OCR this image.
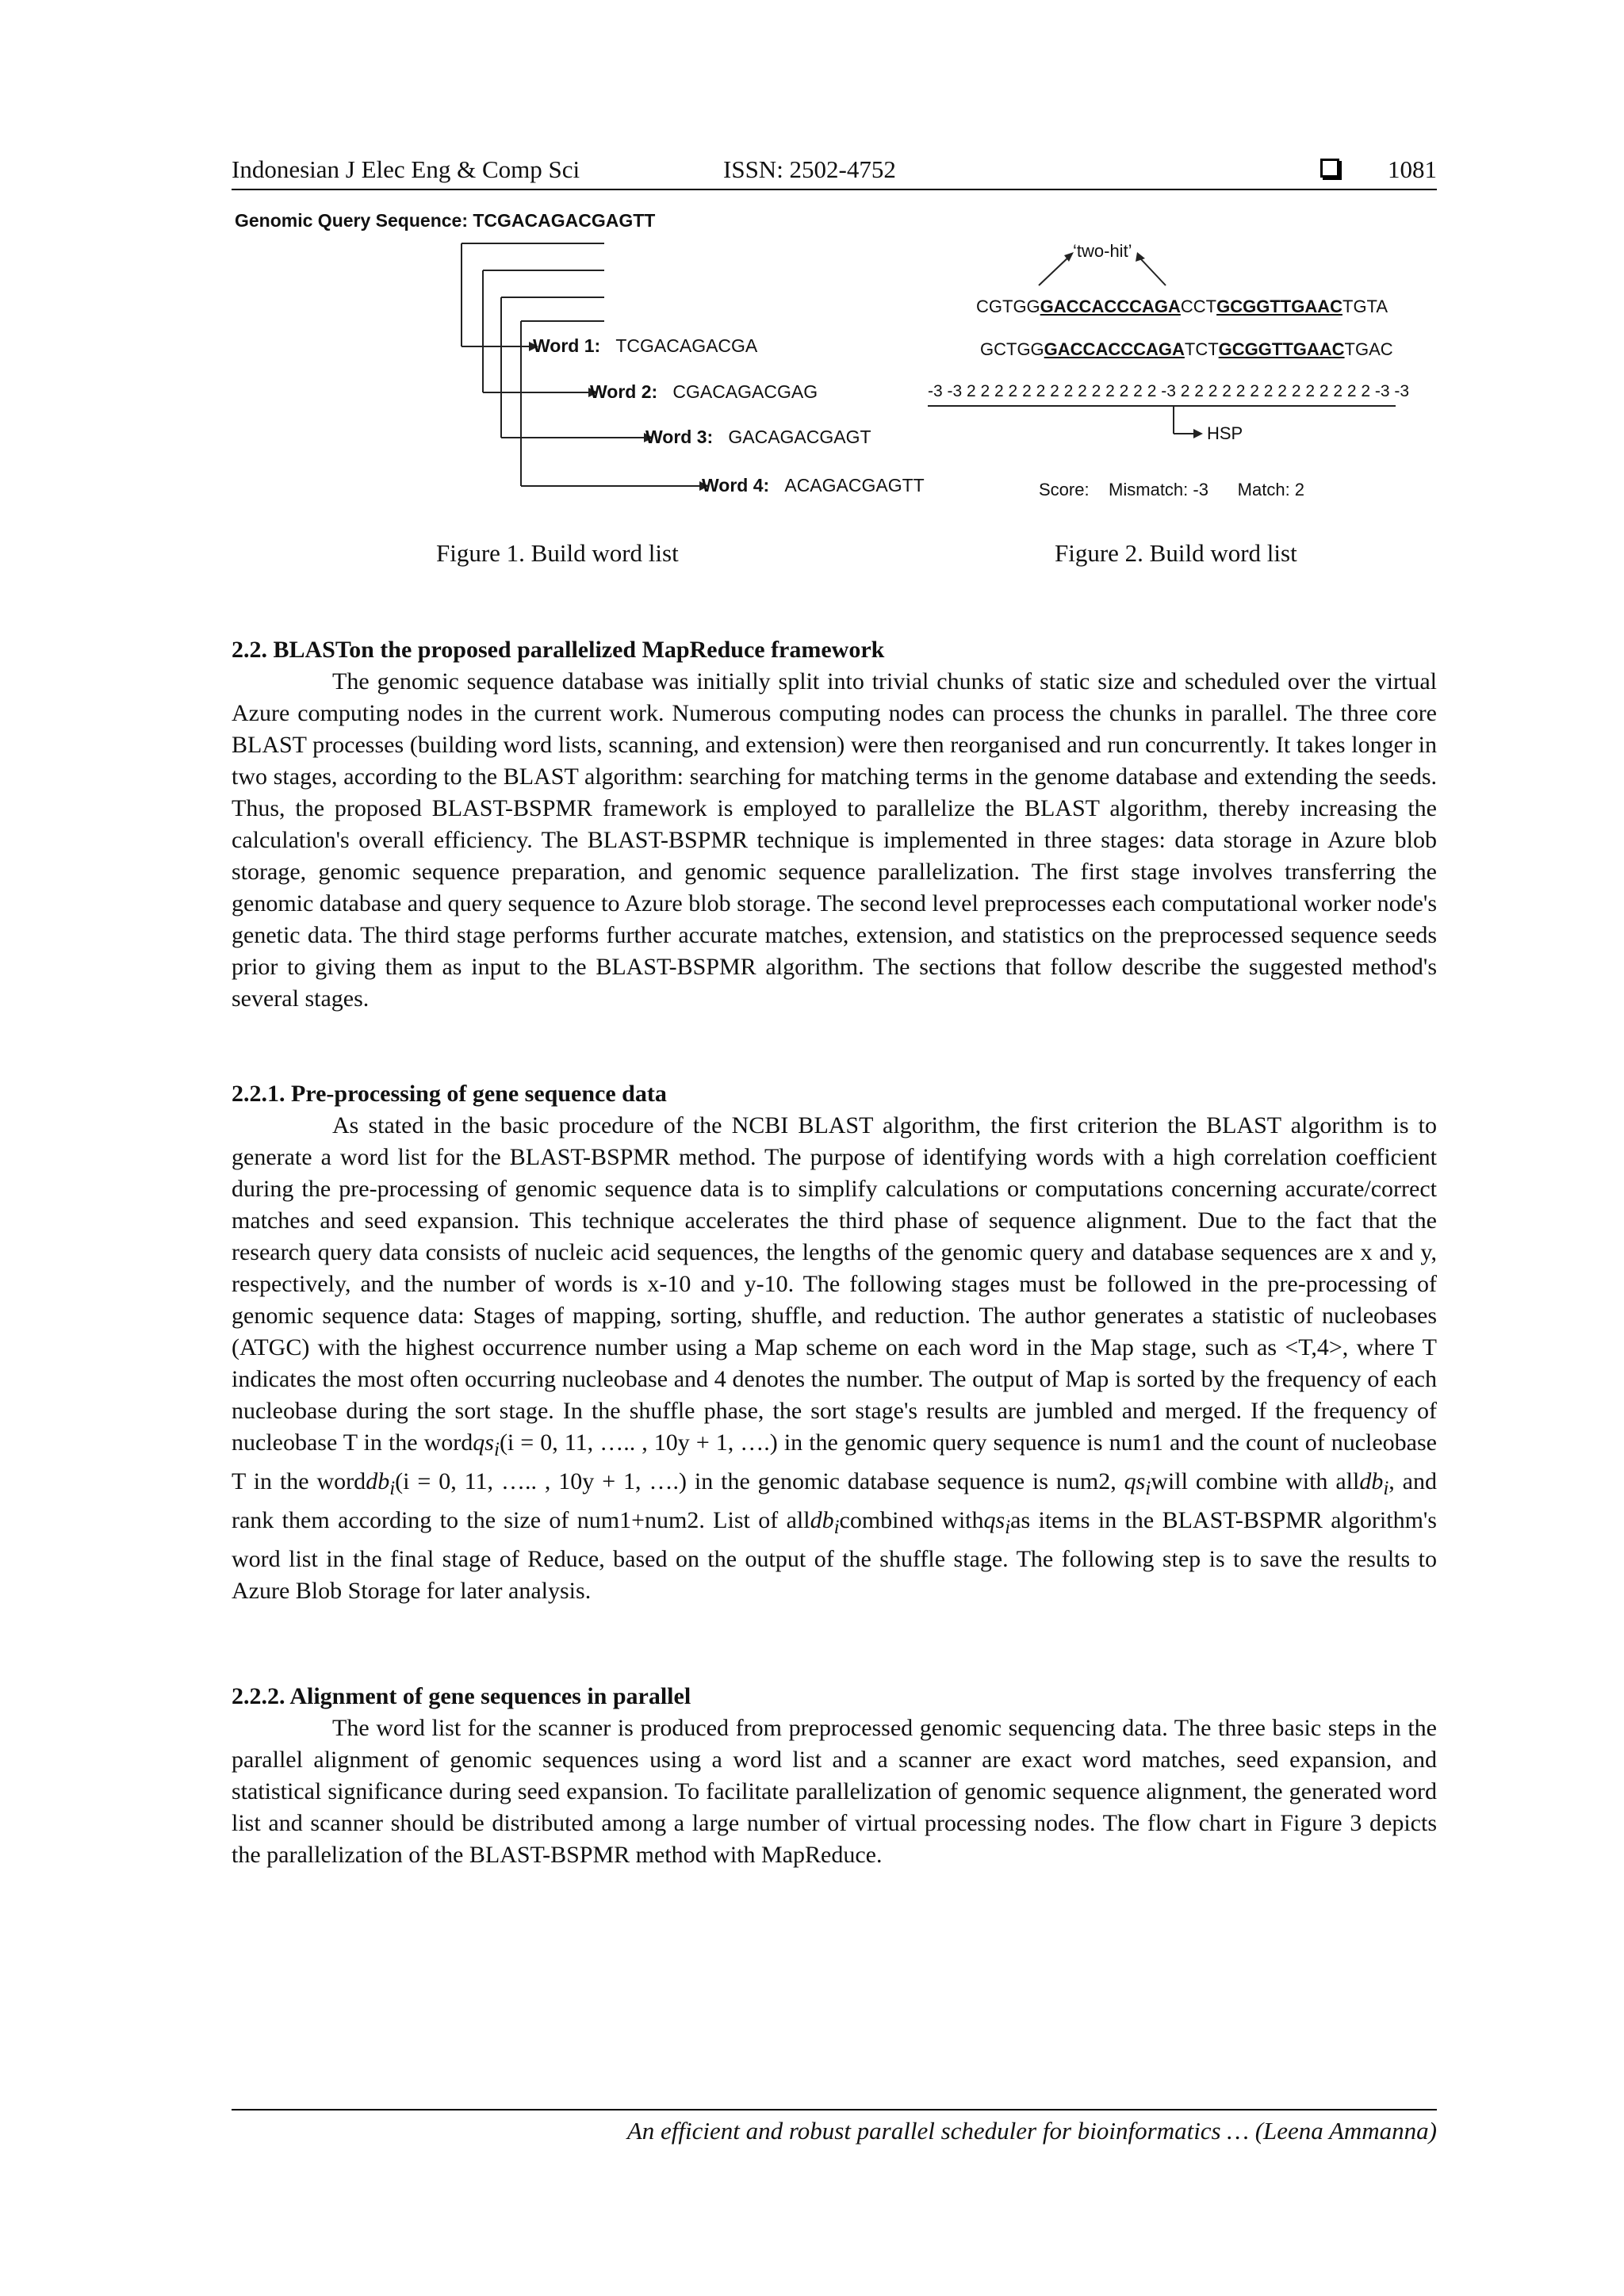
Indonesian J Elec Eng & Comp Sci	ISSN: 2502-4752	1081
Genomic Query Sequence: TCGACAGACGAGTT
Word 1: TCGACAGACGA
Word 2: CGACAGACGAG
Word 3: GACAGACGAGT
Word 4: ACAGACGAGTT
‘two-hit’
CGTGGGACCACCCAGACCTGCGGTTGAACTGTA
GCTGGGACCACCCAGATCTGCGGTTGAACTGAC
-3 -3 2 2 2 2 2 2 2 2 2 2 2 2 2 2 -3 2 2 2 2 2 2 2 2 2 2 2 2 2 2 -3 -3
HSP
Score: Mismatch: -3 Match: 2
Figure 1. Build word list	Figure 2. Build word list
2.2. BLASTon the proposed parallelized MapReduce framework

The genomic sequence database was initially split into trivial chunks of static size and scheduled over the virtual Azure computing nodes in the current work. Numerous computing nodes can process the chunks in parallel. The three core BLAST processes (building word lists, scanning, and extension) were then reorganised and run concurrently. It takes longer in two stages, according to the BLAST algorithm: searching for matching terms in the genome database and extending the seeds. Thus, the proposed BLAST-BSPMR framework is employed to parallelize the BLAST algorithm, thereby increasing the calculation's overall efficiency. The BLAST-BSPMR technique is implemented in three stages: data storage in Azure blob storage, genomic sequence preparation, and genomic sequence parallelization. The first stage involves transferring the genomic database and query sequence to Azure blob storage. The second level preprocesses each computational worker node's genetic data. The third stage performs further accurate matches, extension, and statistics on the preprocessed sequence seeds prior to giving them as input to the BLAST-BSPMR algorithm. The sections that follow describe the suggested method's several stages.

2.2.1. Pre-processing of gene sequence data

As stated in the basic procedure of the NCBI BLAST algorithm, the first criterion the BLAST algorithm is to generate a word list for the BLAST-BSPMR method. The purpose of identifying words with a high correlation coefficient during the pre-processing of genomic sequence data is to simplify calculations or computations concerning accurate/correct matches and seed expansion. This technique accelerates the third phase of sequence alignment. Due to the fact that the research query data consists of nucleic acid sequences, the lengths of the genomic query and database sequences are x and y, respectively, and the number of words is x-10 and y-10. The following stages must be followed in the pre-processing of genomic sequence data: Stages of mapping, sorting, shuffle, and reduction. The author generates a statistic of nucleobases (ATGC) with the highest occurrence number using a Map scheme on each word in the Map stage, such as <T,4>, where T indicates the most often occurring nucleobase and 4 denotes the number. The output of Map is sorted by the frequency of each nucleobase during the sort stage. In the shuffle phase, the sort stage's results are jumbled and merged. If the frequency of nucleobase T in the wordqs$_i$(i = 0, 11, ….. , 10y + 1, ….) in the genomic query sequence is num1 and the count of nucleobase T in the worddb$_i$(i = 0, 11, ….. , 10y + 1, ….) in the genomic database sequence is num2, $qs_iwill$ combine with alldb$_i$, and rank them according to the size of num1+num2. List of alldb$_i$combined withqs$_i$as items in the BLAST-BSPMR algorithm's word list in the final stage of Reduce, based on the output of the shuffle stage. The following step is to save the results to Azure Blob Storage for later analysis.

2.2.2. Alignment of gene sequences in parallel

The word list for the scanner is produced from preprocessed genomic sequencing data. The three basic steps in the parallel alignment of genomic sequences using a word list and a scanner are exact word matches, seed expansion, and statistical significance during seed expansion. To facilitate parallelization of genomic sequence alignment, the generated word list and scanner should be distributed among a large number of virtual processing nodes. The flow chart in Figure 3 depicts the parallelization of the BLAST-BSPMR method with MapReduce.

An efficient and robust parallel scheduler for bioinformatics … (Leena Ammanna)
